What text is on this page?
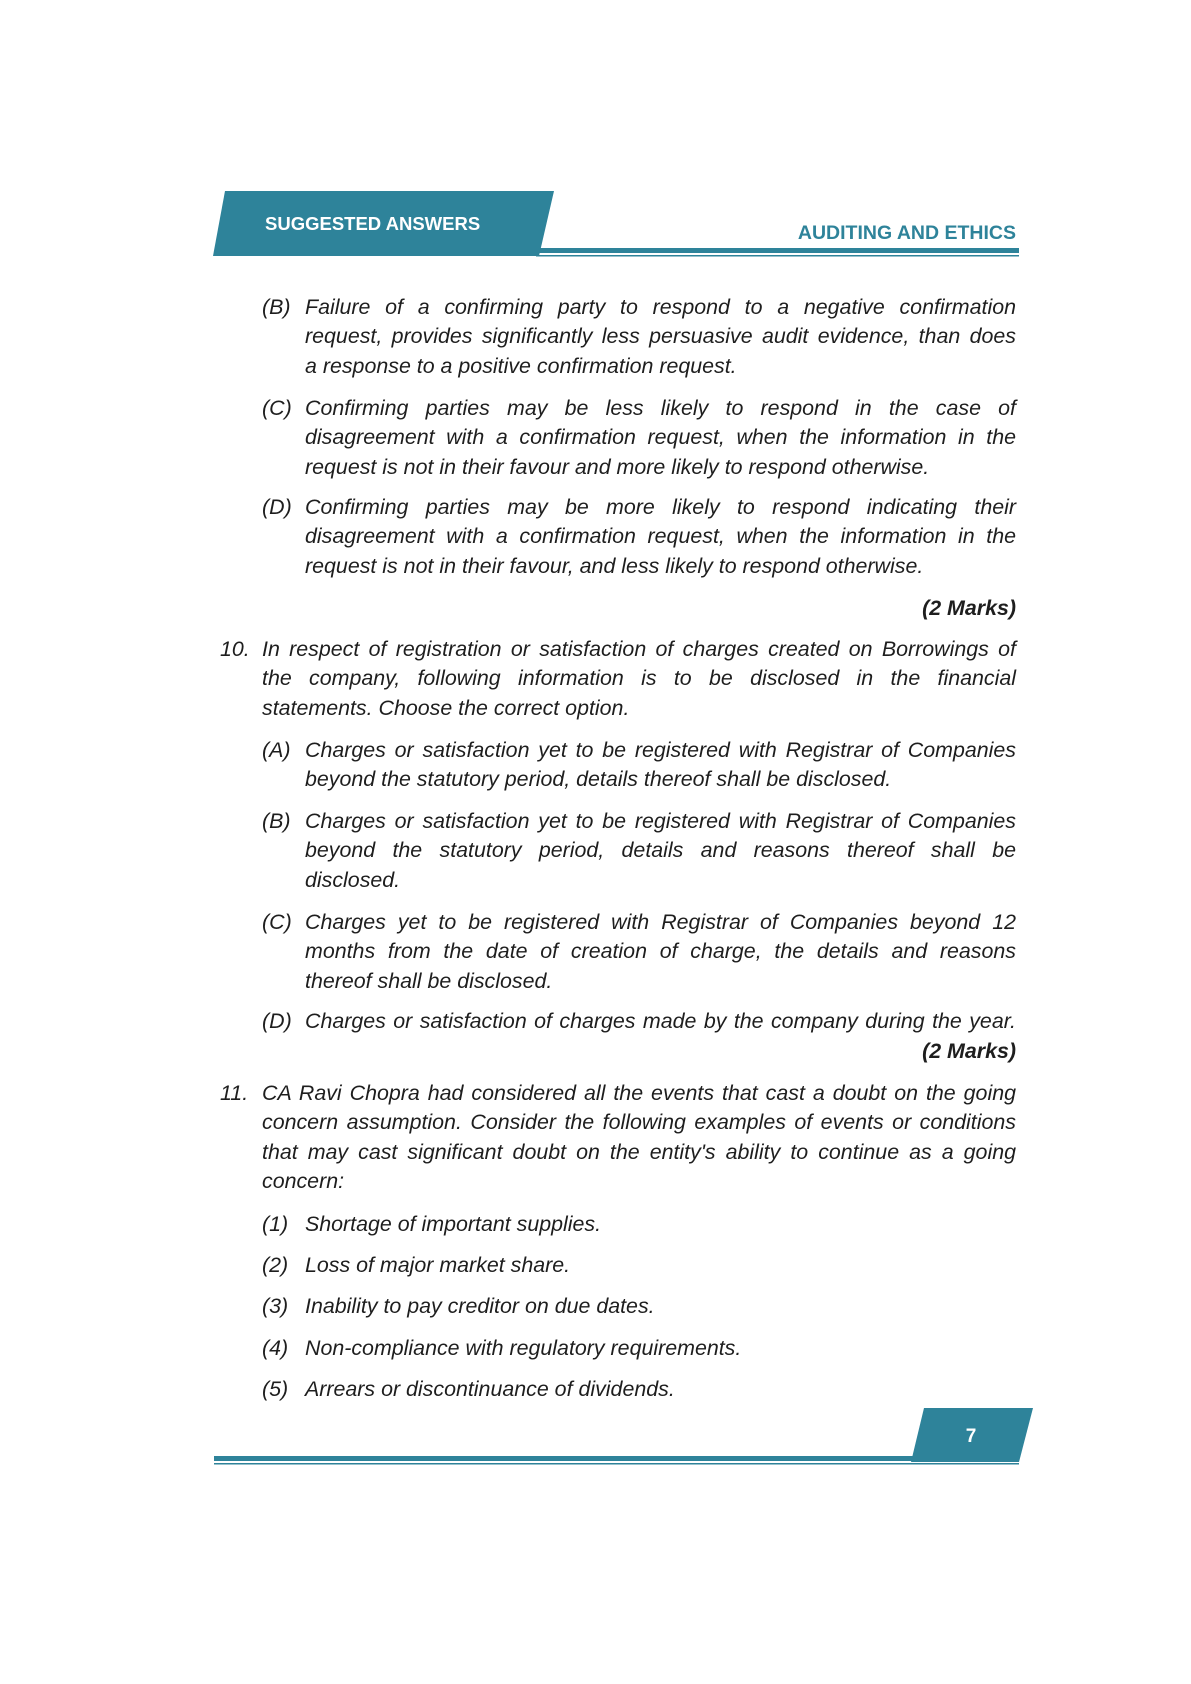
SUGGESTED ANSWERS	AUDITING AND ETHICS
(B) Failure of a confirming party to respond to a negative confirmation
request, provides significantly less persuasive audit evidence, than does
a response to a positive confirmation request.
(C) Confirming parties may be less likely to respond in the case of
disagreement with a confirmation request, when the information in the
request is not in their favour and more likely to respond otherwise.
(D) Confirming parties may be more likely to respond indicating their
disagreement with a confirmation request, when the information in the
request is not in their favour, and less likely to respond otherwise.
(2 Marks)
10. In respect of registration or satisfaction of charges created on Borrowings of
the company, following information is to be disclosed in the financial
statements. Choose the correct option.
(A) Charges or satisfaction yet to be registered with Registrar of Companies
beyond the statutory period, details thereof shall be disclosed.
(B) Charges or satisfaction yet to be registered with Registrar of Companies
beyond the statutory period, details and reasons thereof shall be
disclosed.
(C) Charges yet to be registered with Registrar of Companies beyond 12
months from the date of creation of charge, the details and reasons
thereof shall be disclosed.
(D) Charges or satisfaction of charges made by the company during the year.
(2 Marks)
11. CA Ravi Chopra had considered all the events that cast a doubt on the going
concern assumption. Consider the following examples of events or conditions
that may cast significant doubt on the entity's ability to continue as a going
concern:
(1) Shortage of important supplies.
(2) Loss of major market share.
(3) Inability to pay creditor on due dates.
(4) Non-compliance with regulatory requirements.
(5) Arrears or discontinuance of dividends.
7
